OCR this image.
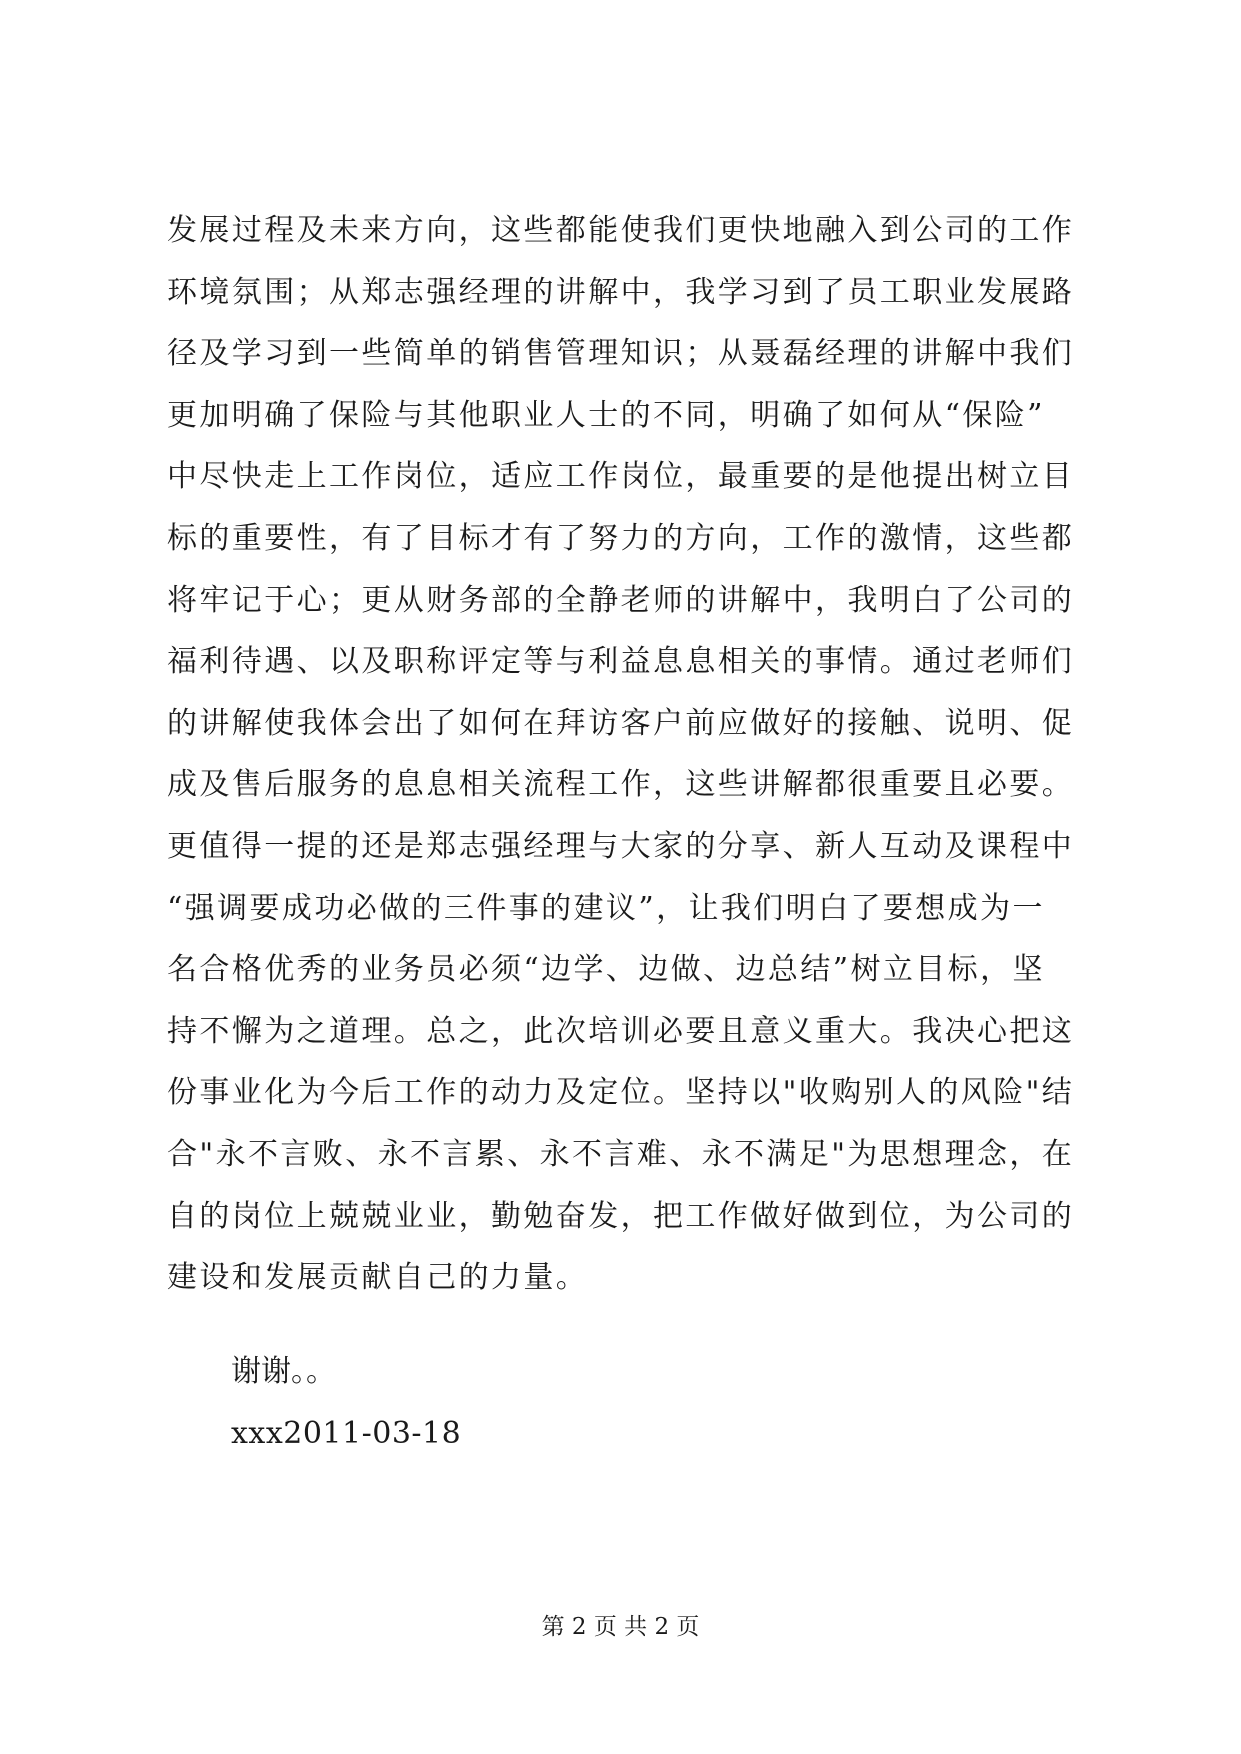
发展过程及未来方向，这些都能使我们更快地融入到公司的工作
环境氛围；从郑志强经理的讲解中，我学习到了员工职业发展路
径及学习到一些简单的销售管理知识；从聂磊经理的讲解中我们
更加明确了保险与其他职业人士的不同，明确了如何从“保险”
中尽快走上工作岗位，适应工作岗位，最重要的是他提出树立目
标的重要性，有了目标才有了努力的方向，工作的激情，这些都
将牢记于心；更从财务部的全静老师的讲解中，我明白了公司的
福利待遇、以及职称评定等与利益息息相关的事情。通过老师们
的讲解使我体会出了如何在拜访客户前应做好的接触、说明、促
成及售后服务的息息相关流程工作，这些讲解都很重要且必要。
更值得一提的还是郑志强经理与大家的分享、新人互动及课程中
“强调要成功必做的三件事的建议”，让我们明白了要想成为一
名合格优秀的业务员必须“边学、边做、边总结”树立目标，坚
持不懈为之道理。总之，此次培训必要且意义重大。我决心把这
份事业化为今后工作的动力及定位。坚持以"收购别人的风险"结
合"永不言败、永不言累、永不言难、永不满足"为思想理念，在
自的岗位上兢兢业业，勤勉奋发，把工作做好做到位，为公司的
建设和发展贡献自己的力量。
谢谢。。
xxx2011-03-18
第 2 页 共 2 页
